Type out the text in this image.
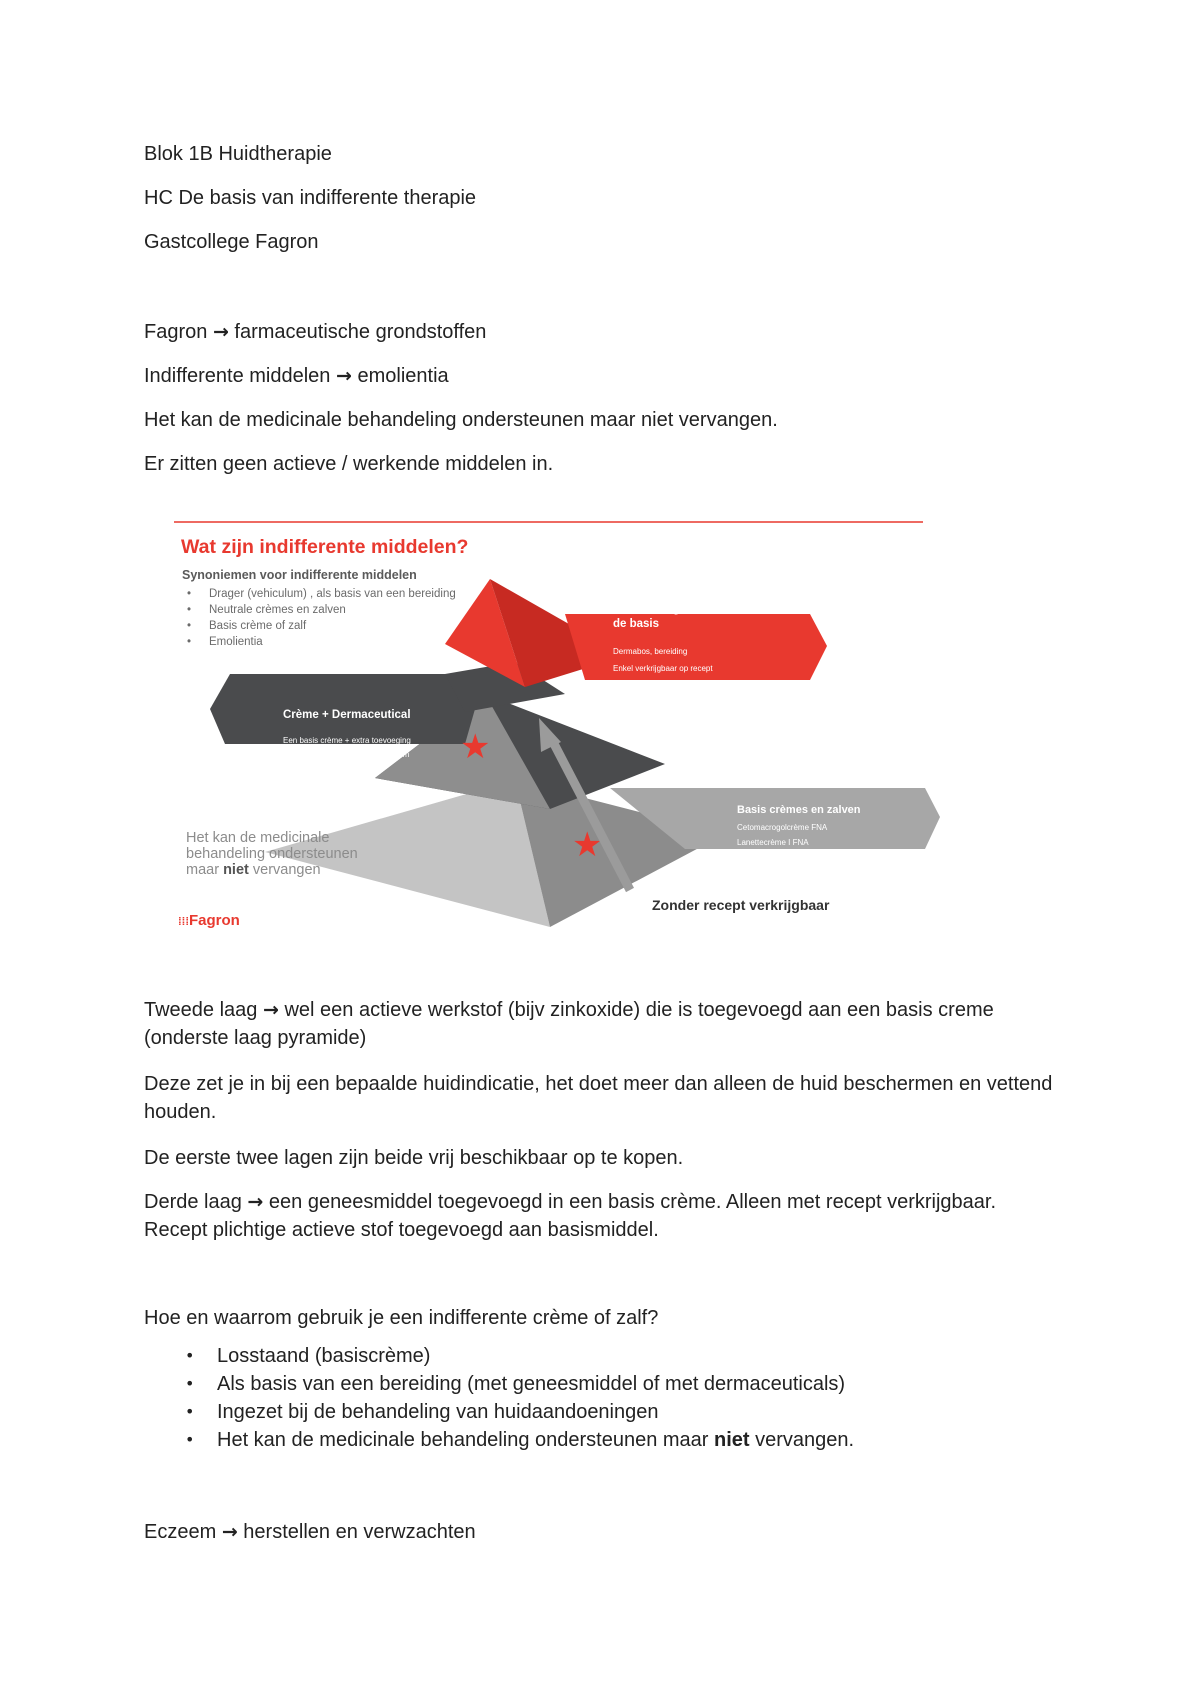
Blok 1B Huidtherapie

HC De basis van indifferente therapie

Gastcollege Fagron

Fagron → farmaceutische grondstoffen

Indifferente middelen → emolientia

Het kan de medicinale behandeling ondersteunen maar niet vervangen.

Er zitten geen actieve / werkende middelen in.

★
★
Wat zijn indifferente middelen?
Synoniemen voor indifferente middelen
• Drager (vehiculum) , als basis van een bereiding
• Neutrale crèmes en zalven
• Basis crème of zalf
• Emolientia
Werkzame geneesmiddelen in de basis
Dermabos, bereiding
Enkel verkrijgbaar op recept
Crème + Dermaceutical
Een basis crème + extra toevoeging (dermaceutical) bijvoorbeeld: Unum
Basis crèmes en zalven
Cetomacrogolcrème FNA
Lanettecrème I FNA
Het kan de medicinale behandeling ondersteunen maar niet vervangen
Zonder recept verkrijgbaar
⁞⁞⁞Fagron

Tweede laag → wel een actieve werkstof (bijv zinkoxide) die is toegevoegd aan een basis creme (onderste laag pyramide)

Deze zet je in bij een bepaalde huidindicatie, het doet meer dan alleen de huid beschermen en vettend houden.

De eerste twee lagen zijn beide vrij beschikbaar op te kopen.

Derde laag → een geneesmiddel toegevoegd in een basis crème. Alleen met recept verkrijgbaar. Recept plichtige actieve stof toegevoegd aan basismiddel.

Hoe en waarrom gebruik je een indifferente crème of zalf?

• Losstaand (basiscrème)
• Als basis van een bereiding (met geneesmiddel of met dermaceuticals)
• Ingezet bij de behandeling van huidaandoeningen
• Het kan de medicinale behandeling ondersteunen maar niet vervangen.

Eczeem → herstellen en verwzachten
